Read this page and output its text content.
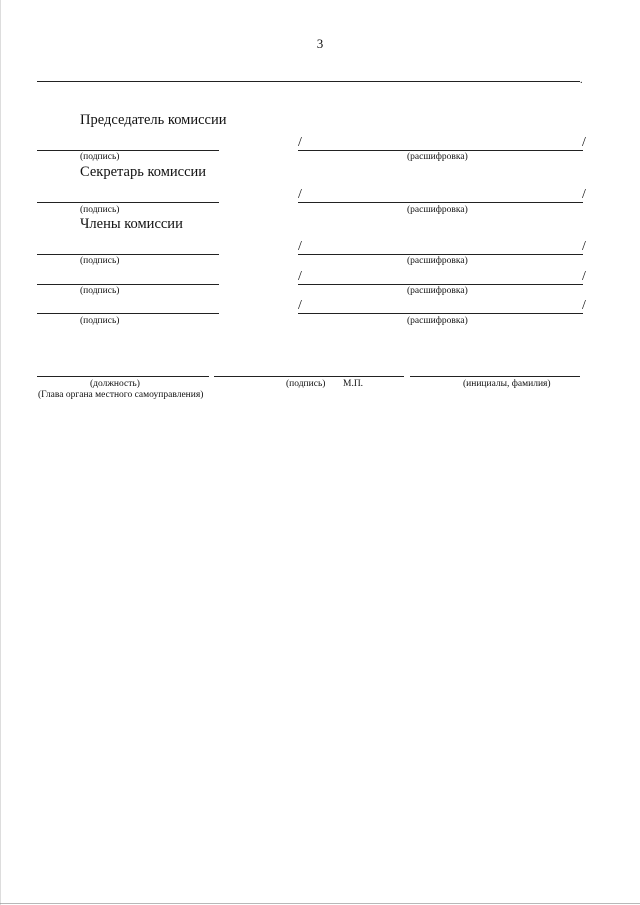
3
.
Председатель комиссии
/	/
(подпись)	(расшифровка)
Секретарь комиссии
/	/
(подпись)	(расшифровка)
Члены комиссии
/	/
(подпись)	(расшифровка)
/	/
(подпись)	(расшифровка)
/	/
(подпись)	(расшифровка)
(должность)	(подпись) М.П.	(инициалы, фамилия)
(Глава органа местного самоуправления)
